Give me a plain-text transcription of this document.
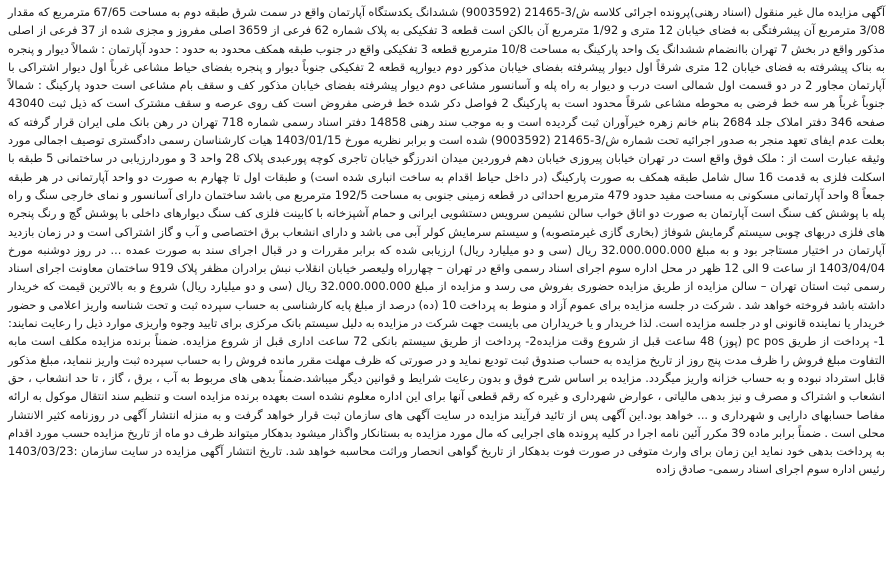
آگهی مزایده مال غیر منقول (اسناد رهنی)پرونده اجرائی کلاسه ش/3-21465 (9003592) ششدانگ یکدستگاه آپارتمان واقع در سمت شرق طبقه دوم به مساحت 67/65 مترمربع که مقدار 3/08 مترمربع آن پیشرفتگی به فضای خیابان 12 متری و 1/92 مترمربع آن بالکن است قطعه 3 تفکیکی به پلاک شماره 62 فرعی از 3659 اصلی مفروز و مجزی شده از 37 فرعی از اصلی مذکور واقع در بخش 7 تهران باانضمام ششدانگ یک واحد پارکینگ به مساحت 10/8 مترمربع قطعه 3 تفکیکی واقع در جنوب طبقه همکف محدود به حدود : حدود آپارتمان : شمالاً دیوار و پنجره به بناک پیشرفته به فضای خیابان 12 متری شرقاً اول دیوار پیشرفته بفضای خیابان مذکور دوم دیوارپه قطعه 2 تفکیکی جنوباً دیوار و پنجره بفضای حیاط مشاعی غرباً اول دیوار اشتراکی با آپارتمان مجاور 2 در دو قسمت اول شمالی است درب و دیوار به راه پله و آسانسور مشاعی دوم دیوار پیشرفته بفضای خیابان مذکور کف و سقف بام مشاعی است حدود پارکینگ : شمالاً جنوباً غرباً هر سه خط فرضی به محوطه مشاعی شرقاً محدود است به پارکینگ 2 فواصل دکر شده خط فرضی مفروض است کف روی عرصه و سقف مشترک است که ذیل ثبت 43040 صفحه 346 دفتر املاک جلد 2684 بنام خانم زهره خیرآوران ثبت گردیده است و به موجب سند رهنی 14858 دفتر اسناد رسمی شماره 718 تهران در رهن بانک ملی ایران قرار گرفته که بعلت عدم ایفای تعهد منجر به صدور اجرائیه تحت شماره ش/3-21465 (9003592) شده است و برابر نظریه مورخ 1403/01/15 هیات کارشناسان رسمی دادگستری توصیف اجمالی مورد وثیقه عبارت است از : ملک فوق واقع است در تهران خیابان پیروزی خیابان دهم فروردین میدان اندرزگو خیابان تاجری کوچه پورعبدی پلاک 28 واحد 3 و موردارزیابی در ساختمانی 5 طبقه با اسکلت فلزی به قدمت 16 سال شامل طبقه همکف به صورت پارکینگ (در داخل حیاط اقدام به ساخت انباری شده است) و طبقات اول تا چهارم به صورت دو واحد آپارتمانی در هر طبقه جمعاً 8 واحد آپارتمانی مسکونی به مساحت مفید حدود 479 مترمربع احداثی در قطعه زمینی جنوبی به مساحت 192/5 مترمربع می باشد ساختمان دارای آسانسور و نمای خارجی سنگ و راه پله با پوشش کف سنگ است آپارتمان به صورت دو اتاق خواب سالن نشیمن سرویس دستشویی ایرانی و حمام آشپزخانه با کابینت فلزی کف سنگ دیوارهای داخلی با پوشش گچ و رنگ پنجره های فلزی دربهای چوبی سیستم گرمایش شوفاژ (بخاری گازی غیرمتصوبه) و سیستم سرمایش کولر آبی می باشد و دارای انشعاب برق اختصاصی و آب و گاز اشتراکی است و در زمان بازدید آپارتمان در اختیار مستاجر بود و به مبلغ 32.000.000.000 ریال (سی و دو میلیارد ریال) ارزیابی شده که برابر مقررات و در قبال اجرای سند به صورت عمده ... در روز دوشنبه مورخ 1403/04/04 از ساعت 9 الی 12 ظهر در محل اداره سوم اجرای اسناد رسمی واقع در تهران – چهارراه ولیعصر خیابان انقلاب نبش برادران مظفر پلاک 919 ساختمان معاونت اجرای اسناد رسمی ثبت استان تهران – سالن مزایده از طریق مزایده حضوری بفروش می رسد و مزایده از مبلغ 32.000.000.000 ریال (سی و دو میلیارد ریال) شروع و به بالاترین قیمت که خریدار داشته باشد فروخته خواهد شد . شرکت در جلسه مزایده برای عموم آزاد و منوط به پرداخت 10 (ده) درصد از مبلغ پایه کارشناسی به حساب سپرده ثبت و تحت شناسه واریز اعلامی و حضور خریدار یا نماینده قانونی او در جلسه مزایده است. لذا خریدار و یا خریداران می بایست جهت شرکت در مزایده به دلیل سیستم بانک مرکزی برای تایید وجوه واریزی موارد ذیل را رعایت نمایند: 1- پرداخت از طریق pc pos (پوز) 48 ساعت قبل از شروع وقت مزایده2- پرداخت از طریق سیستم بانکی 72 ساعت اداری قبل از شروع مزایده. ضمناً برنده مزایده مکلف است مابه التفاوت مبلغ فروش را ظرف مدت پنج روز از تاریخ مزایده به حساب صندوق ثبت تودیع نماید و در صورتی که ظرف مهلت مقرر مانده فروش را به حساب سپرده ثبت واریز ننماید، مبلغ مذکور قابل استرداد نبوده و به حساب خزانه واریز میگردد. مزایده بر اساس شرح فوق و بدون رعایت شرایط و قوانین دیگر میباشد.ضمناً بدهی های مربوط به آب ، برق ، گاز ، تا حد انشعاب ، حق انشعاب و اشتراک و مصرف و نیز بدهی مالیاتی ، عوارض شهرداری و غیره که رقم قطعی آنها برای این اداره معلوم نشده است بعهده برنده مزایده است و تنظیم سند انتقال موکول به ارائه مفاصا حسابهای دارایی و شهرداری و ... خواهد بود.این آگهی پس از تائید فرآیند مزایده در سایت آگهی های سازمان ثبت قرار خواهد گرفت و به منزله انتشار آگهی در روزنامه کثیر الانتشار محلی است . ضمناً برابر ماده 39 مکرر آئین نامه اجرا در کلیه پرونده های اجرایی که مال مورد مزایده به بستانکار واگذار میشود بدهکار میتواند ظرف دو ماه از تاریخ مزایده حسب مورد اقدام به پرداخت بدهی خود نماید این زمان برای وارث متوفی در صورت فوت بدهکار از تاریخ گواهی انحصار وراثت محاسبه خواهد شد. تاریخ انتشار آگهی مزایده در سایت سازمان :1403/03/23 رئیس اداره سوم اجرای اسناد رسمی- صادق زاده
